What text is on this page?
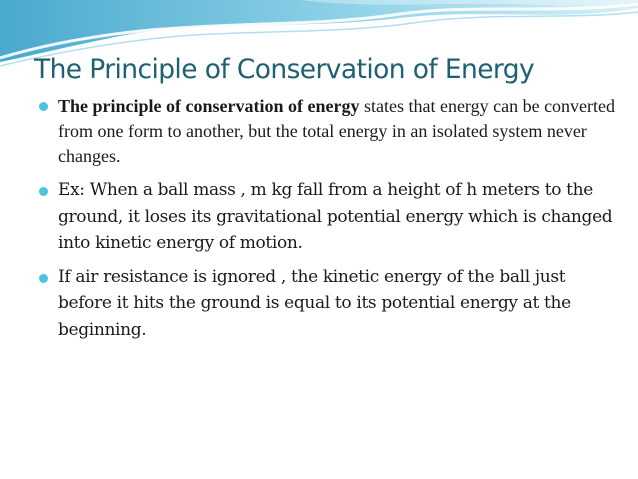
The Principle of Conservation of Energy
The principle of conservation of energy states that energy can be converted from one form to another, but the total energy in an isolated system never changes.
Ex: When a ball mass , m kg fall from a height of h meters to the ground, it loses its gravitational potential energy which is changed into kinetic energy of motion.
If air resistance is ignored , the kinetic energy of the ball just before it hits the ground is equal to its potential energy at the beginning.
